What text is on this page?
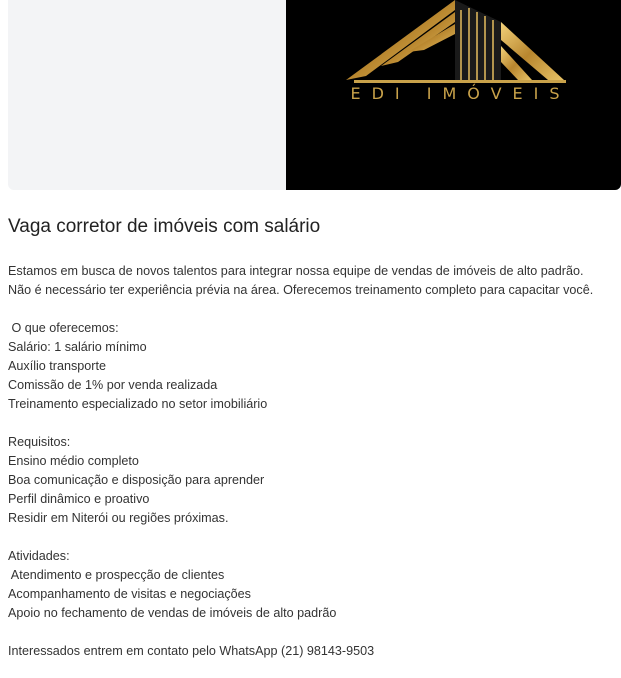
EDI IMÓVEIS
Vaga corretor de imóveis com salário

Estamos em busca de novos talentos para integrar nossa equipe de vendas de imóveis de alto padrão.

Não é necessário ter experiência prévia na área. Oferecemos treinamento completo para capacitar você.

O que oferecemos:

Salário: 1 salário mínimo

Auxílio transporte

Comissão de 1% por venda realizada

Treinamento especializado no setor imobiliário

Requisitos:

Ensino médio completo

Boa comunicação e disposição para aprender

Perfil dinâmico e proativo

Residir em Niterói ou regiões próximas.

Atividades:

Atendimento e prospecção de clientes

Acompanhamento de visitas e negociações

Apoio no fechamento de vendas de imóveis de alto padrão

Interessados entrem em contato pelo WhatsApp (21) 98143-9503
